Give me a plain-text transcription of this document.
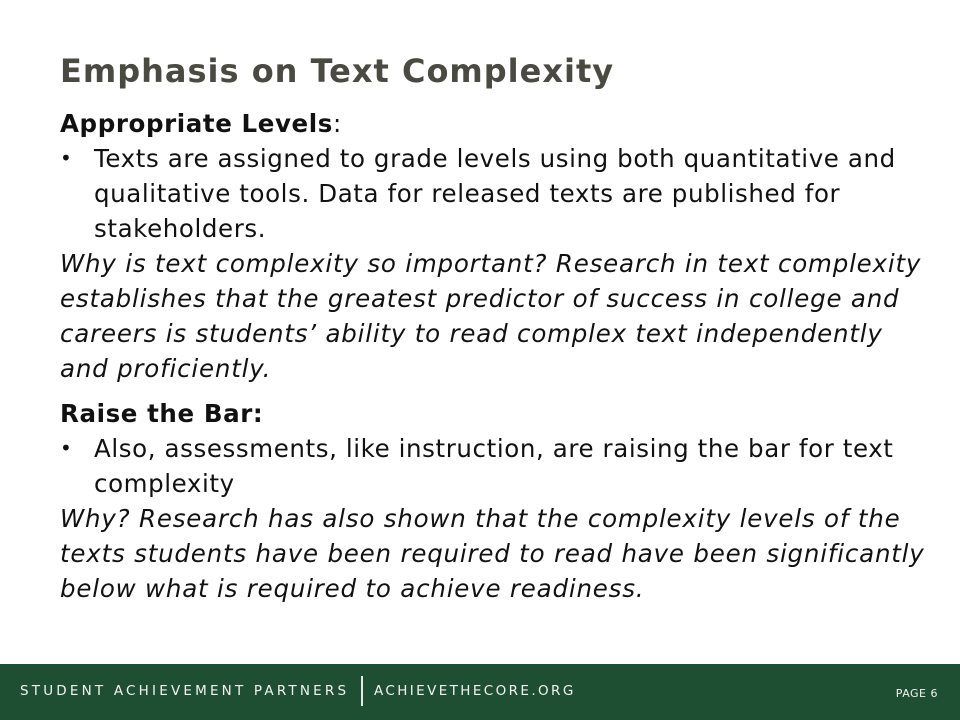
Emphasis on Text Complexity

Appropriate Levels:

• Texts are assigned to grade levels using both quantitative and qualitative tools. Data for released texts are published for stakeholders.

Why is text complexity so important? Research in text complexity establishes that the greatest predictor of success in college and careers is students’ ability to read complex text independently and proficiently.

Raise the Bar:

• Also, assessments, like instruction, are raising the bar for text complexity

Why? Research has also shown that the complexity levels of the texts students have been required to read have been significantly below what is required to achieve readiness.

STUDENT ACHIEVEMENT PARTNERS ACHIEVETHECORE.ORG	PAGE 6
